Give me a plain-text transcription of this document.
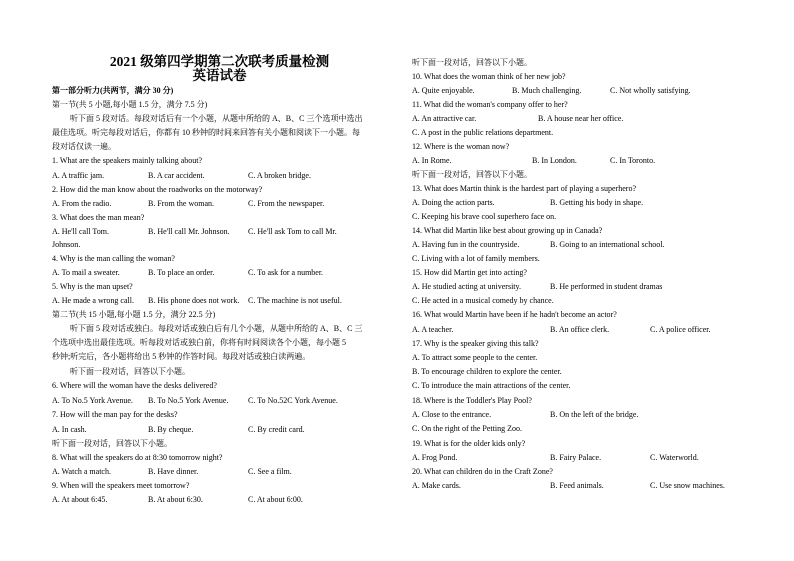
2021 级第四学期第二次联考质量检测
英语试卷
第一部分听力(共两节，满分 30 分)
第一节(共 5 小题,每小题 1.5 分，满分 7.5 分)
听下面 5 段对话。每段对话后有一个小题，从题中所给的 A、B、C 三个选项中选出
最佳选项。听完每段对话后，你都有 10 秒钟的时间来回答有关小题和阅读下一小题。每
段对话仅读一遍。
1. What are the speakers mainly talking about?
A. A traffic jam.	B. A car accident.	C. A broken bridge.
2. How did the man know about the roadworks on the motorway?
A. From the radio.	B. From the woman.	C. From the newspaper.
3. What does the man mean?
A. He'll call Tom.	B. He'll call Mr. Johnson. C. He'll ask Tom to call Mr.
Johnson.
4. Why is the man calling the woman?
A. To mail a sweater.	B. To place an order.	C. To ask for a number.
5. Why is the man upset?
A. He made a wrong call. B. His phone does not work. C. The machine is not useful.
第二节(共 15 小题,每小题 1.5 分，满分 22.5 分)
听下面 5 段对话或独白。每段对话或独白后有几个小题，从题中所给的 A、B、C 三
个选项中选出最佳选项。听每段对话或独白前，你将有时间阅读各个小题，每小题 5
秒钟;听完后，各小题将给出 5 秒钟的作答时间。每段对话或独白读两遍。
听下面一段对话，回答以下小题。
6. Where will the woman have the desks delivered?
A. To No.5 York Avenue. B. To No.5 York Avenue. C. To No.52C York Avenue.
7. How will the man pay for the desks?
A. In cash.	B. By cheque.	C. By credit card.
听下面一段对话，回答以下小题。
8. What will the speakers do at 8:30 tomorrow night?
A. Watch a match.	B. Have dinner.	C. See a film.
9. When will the speakers meet tomorrow?
A. At about 6:45.	B. At about 6:30.	C. At about 6:00.
听下面一段对话，回答以下小题。
10. What does the woman think of her new job?
A. Quite enjoyable.	B. Much challenging.	C. Not wholly satisfying.
11. What did the woman's company offer to her?
A. An attractive car.	B. A house near her office.
C. A post in the public relations department.
12. Where is the woman now?
A. In Rome.	B. In London.	C. In Toronto.
听下面一段对话，回答以下小题。
13. What does Martin think is the hardest part of playing a superhero?
A. Doing the action parts.	B. Getting his body in shape.
C. Keeping his brave cool superhero face on.
14. What did Martin like best about growing up in Canada?
A. Having fun in the countryside.	B. Going to an international school.
C. Living with a lot of family members.
15. How did Martin get into acting?
A. He studied acting at university.	B. He performed in student dramas
C. He acted in a musical comedy by chance.
16. What would Martin have been if he hadn't become an actor?
A. A teacher.	B. An office clerk.	C. A police officer.
17. Why is the speaker giving this talk?
A. To attract some people to the center.
B. To encourage children to explore the center.
C. To introduce the main attractions of the center.
18. Where is the Toddler's Play Pool?
A. Close to the entrance.	B. On the left of the bridge.
C. On the right of the Petting Zoo.
19. What is for the older kids only?
A. Frog Pond.	B. Fairy Palace.	C. Waterworld.
20. What can children do in the Craft Zone?
A. Make cards.	B. Feed animals.	C. Use snow machines.
